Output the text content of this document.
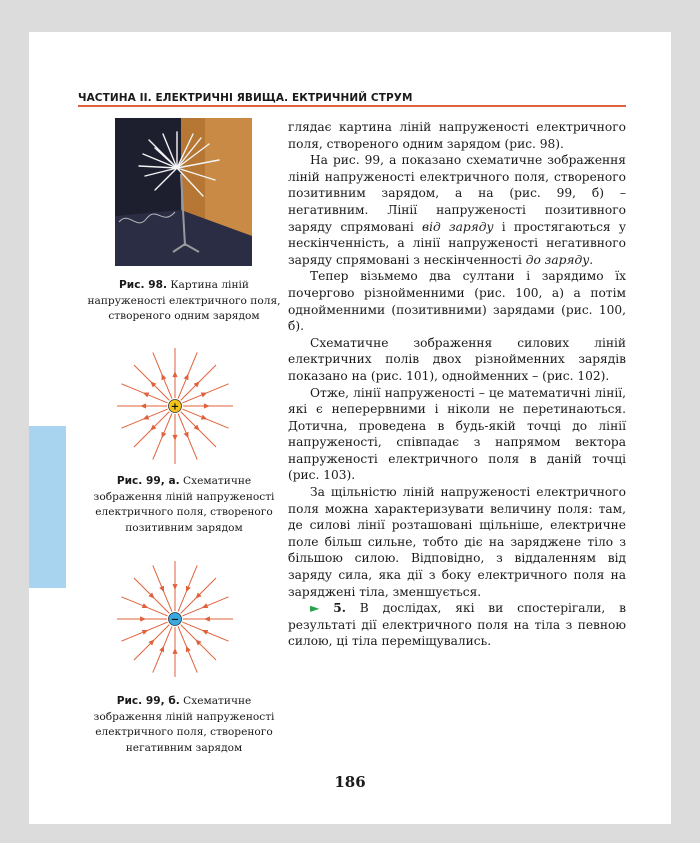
ЧАСТИНА II. ЕЛЕКТРИЧНІ ЯВИЩА. ЕКТРИЧНИЙ СТРУМ
Рис. 98. Картина ліній напруженості електричного поля, створеного одним зарядом
+
Рис. 99, а. Схематичне зображення ліній напруженості електричного поля, створеного позитивним зарядом
−
Рис. 99, б. Схематичне зображення ліній напруженості електричного поля, створеного негативним зарядом

глядає картина ліній напруженості електричного поля, створеного одним зарядом (рис. 98).

На рис. 99, а показано схематичне зображення ліній напруженості електричного поля, створеного позитивним зарядом, а на (рис. 99, б) – негативним. Лінії напруженості позитивного заряду спрямовані від заряду і простягаються у нескінченність, а лінії напруженості негативного заряду спрямовані з нескінченності до заряду.

Тепер візьмемо два султани і зарядимо їх почергово різнойменними (рис. 100, а) а потім однойменними (позитивними) зарядами (рис. 100, б).

Схематичне зображення силових ліній електричних полів двох різнойменних зарядів показано на (рис. 101), однойменних – (рис. 102).

Отже, лінії напруженості – це математичні лінії, які є неперервними і ніколи не перетинаються. Дотична, проведена в будь-якій точці до лінії напруженості, співпадає з напрямом вектора напруженості електричного поля в даній точці (рис. 103).

За щільністю ліній напруженості електричного поля можна характеризувати величину поля: там, де силові лінії розташовані щільніше, електричне поле більш сильне, тобто діє на заряджене тіло з більшою силою. Відповідно, з віддаленням від заряду сила, яка дії з боку електричного поля на заряджені тіла, зменшується.

► 5. В дослідах, які ви спостерігали, в результаті дії електричного поля на тіла з певною силою, ці тіла переміщувались.

186
